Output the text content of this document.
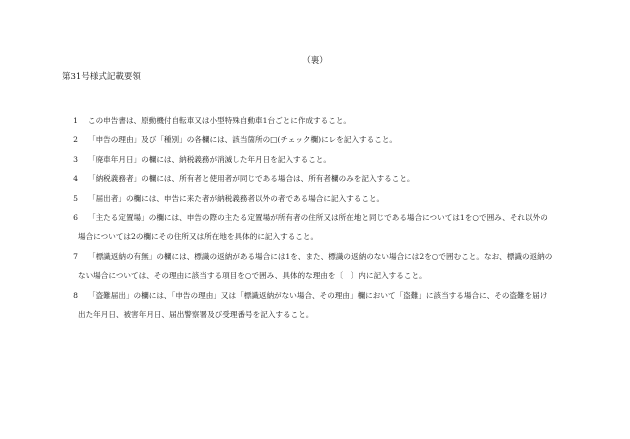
（裏）
第31号様式記載要領
1	この申告書は、原動機付自転車又は小型特殊自動車1台ごとに作成すること。
2	「申告の理由」及び「種別」の各欄には、該当箇所の□(チェック欄)にレを記入すること。
3	「廃車年月日」の欄には、納税義務が消滅した年月日を記入すること。
4	「納税義務者」の欄には、所有者と使用者が同じである場合は、所有者欄のみを記入すること。
5	「届出者」の欄には、申告に来た者が納税義務者以外の者である場合に記入すること。
6	「主たる定置場」の欄には、申告の際の主たる定置場が所有者の住所又は所在地と同じである場合については1を○で囲み、それ以外の
場合については2の欄にその住所又は所在地を具体的に記入すること。
7	「標識返納の有無」の欄には、標識の返納がある場合には1を、また、標識の返納のない場合には2を○で囲むこと。なお、標識の返納の
ない場合については、その理由に該当する項目を○で囲み、具体的な理由を〔　〕内に記入すること。
8	「盗難届出」の欄には、「申告の理由」又は「標識返納がない場合、その理由」欄において「盗難」に該当する場合に、その盗難を届け
出た年月日、被害年月日、届出警察署及び受理番号を記入すること。
